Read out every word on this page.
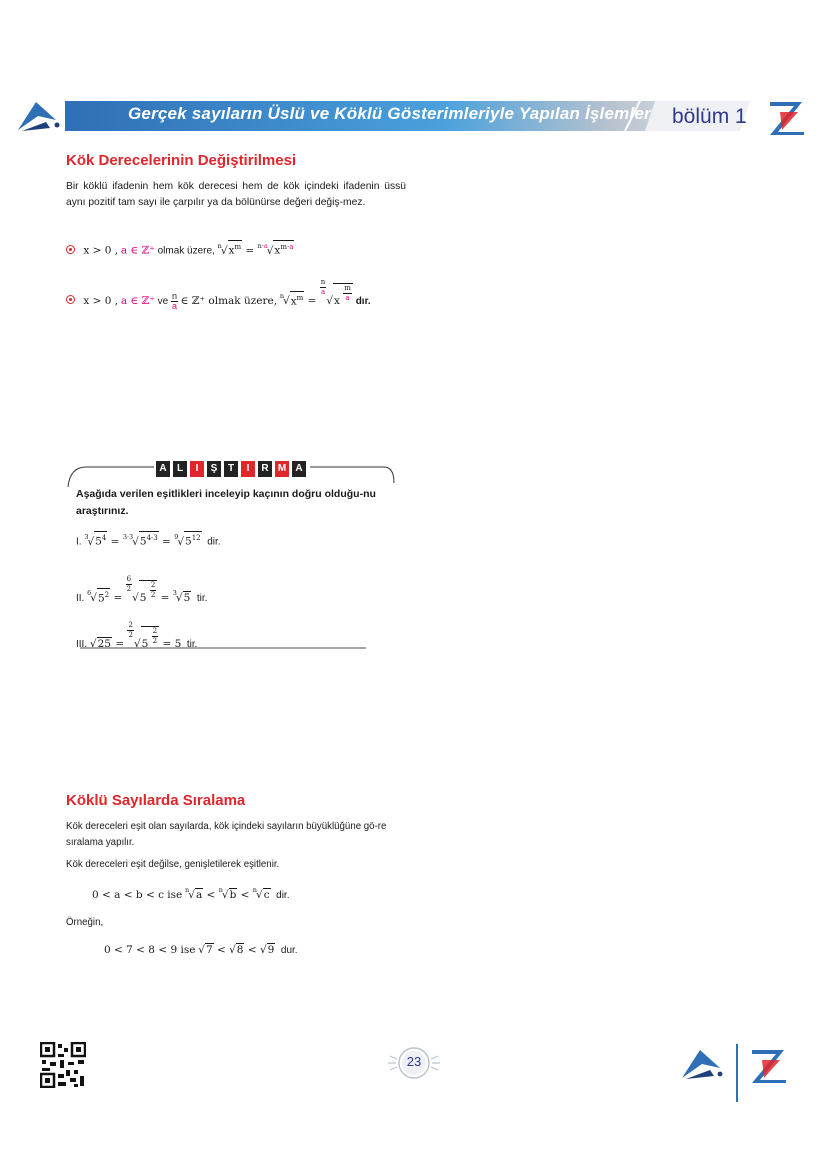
Gerçek sayıların Üslü ve Köklü Gösterimleriyle Yapılan İşlemler bölüm 1
Kök Derecelerinin Değiştirilmesi
Bir köklü ifadenin hem kök derecesi hem de kök içindeki ifadenin üssü aynı pozitif tam sayı ile çarpılır ya da bölünürse değeri değiş-mez.
x > 0 , a ∈ ℤ⁺ olmak üzere, $^n√x^m = ^{n\cdot a}√x^{m\cdot a}$
x > 0 , a ∈ ℤ⁺ ve $\frac{n}{a}$ ∈ ℤ⁺ olmak üzere, $^n√x^m$ =
$\frac{n}{a}$
$√x \frac{m}{a}$ dır.
A L I Ş T I R M A
Aşağıda verilen eşitlikleri inceleyip kaçının doğru olduğu-nu araştırınız.
I. $^3√5^4 = ^{3\cdot 3}√5^{4\cdot 3} = ^9√5^{12}$ dir.
II. $^6√5^2$ =
$\frac{6}{2}$
$√5 \frac{2}{2} = ^3√5$ tir.
III. √25 =
$\frac{2}{2}$
$√5 \frac{2}{2} = 5$ tir.
Köklü Sayılarda Sıralama
Kök dereceleri eşit olan sayılarda, kök içindeki sayıların büyüklüğüne gö-re sıralama yapılır.
Kök dereceleri eşit değilse, genişletilerek eşitlenir.
0 < a < b < c ise $^n$√a < $^n$√b < $^n$√c dir.
Örneğin,
0 < 7 < 8 < 9 ise √7 < √8 < √9 dur.
23
